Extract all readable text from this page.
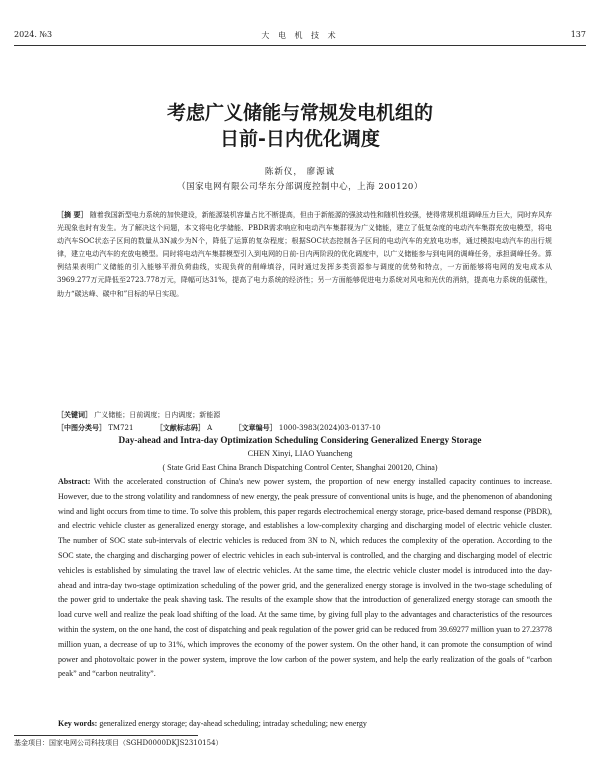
2024. №3	大 电 机 技 术	137
考虑广义储能与常规发电机组的
日前-日内优化调度
陈新仪， 廖源诚
（国家电网有限公司华东分部调度控制中心，上海 200120）
［摘 要］ 随着我国新型电力系统的加快建设，新能源装机容量占比不断提高，但由于新能源的强波动性和随机性较强，使得常规机组调峰压力巨大，同时弃风弃光现象也时有发生。为了解决这个问题，本文将电化学储能、PBDR需求响应和电动汽车集群视为广义储能，建立了低复杂度的电动汽车集群充放电模型，将电动汽车SOC状态子区间的数量从3N减少为N个，降低了运算的复杂程度；根据SOC状态控制各子区间的电动汽车的充放电功率，通过模拟电动汽车的出行规律，建立电动汽车的充放电模型。同时将电动汽车集群模型引入到电网的日前-日内两阶段的优化调度中，以广义储能参与到电网的调峰任务，承担调峰任务。算例结果表明广义储能的引入能够平滑负荷曲线，实现负荷的削峰填谷，同时通过发挥多类资源参与调度的优势和特点，一方面能够将电网的发电成本从3969.277万元降低至2723.778万元，降幅可达31%，提高了电力系统的经济性；另一方面能够促进电力系统对风电和光伏的消纳，提高电力系统的低碳性，助力“碳达峰、碳中和”目标的早日实现。
［关键词］ 广义储能；日前调度；日内调度；新能源
［中图分类号］ TM721	［文献标志码］ A	［文章编号］ 1000-3983(2024)03-0137-10
Day-ahead and Intra-day Optimization Scheduling Considering Generalized Energy Storage
CHEN Xinyi, LIAO Yuancheng
( State Grid East China Branch Dispatching Control Center, Shanghai 200120, China)
Abstract: With the accelerated construction of China's new power system, the proportion of new energy installed capacity continues to increase. However, due to the strong volatility and randomness of new energy, the peak pressure of conventional units is huge, and the phenomenon of abandoning wind and light occurs from time to time. To solve this problem, this paper regards electrochemical energy storage, price-based demand response (PBDR), and electric vehicle cluster as generalized energy storage, and establishes a low-complexity charging and discharging model of electric vehicle cluster. The number of SOC state sub-intervals of electric vehicles is reduced from 3N to N, which reduces the complexity of the operation. According to the SOC state, the charging and discharging power of electric vehicles in each sub-interval is controlled, and the charging and discharging model of electric vehicles is established by simulating the travel law of electric vehicles. At the same time, the electric vehicle cluster model is introduced into the day-ahead and intra-day two-stage optimization scheduling of the power grid, and the generalized energy storage is involved in the two-stage scheduling of the power grid to undertake the peak shaving task. The results of the example show that the introduction of generalized energy storage can smooth the load curve well and realize the peak load shifting of the load. At the same time, by giving full play to the advantages and characteristics of the resources within the system, on the one hand, the cost of dispatching and peak regulation of the power grid can be reduced from 39.69277 million yuan to 27.23778 million yuan, a decrease of up to 31%, which improves the economy of the power system. On the other hand, it can promote the consumption of wind power and photovoltaic power in the power system, improve the low carbon of the power system, and help the early realization of the goals of “carbon peak” and “carbon neutrality”.
Key words: generalized energy storage; day-ahead scheduling; intraday scheduling; new energy
基金项目：国家电网公司科技项目（SGHD0000DKJS2310154）
